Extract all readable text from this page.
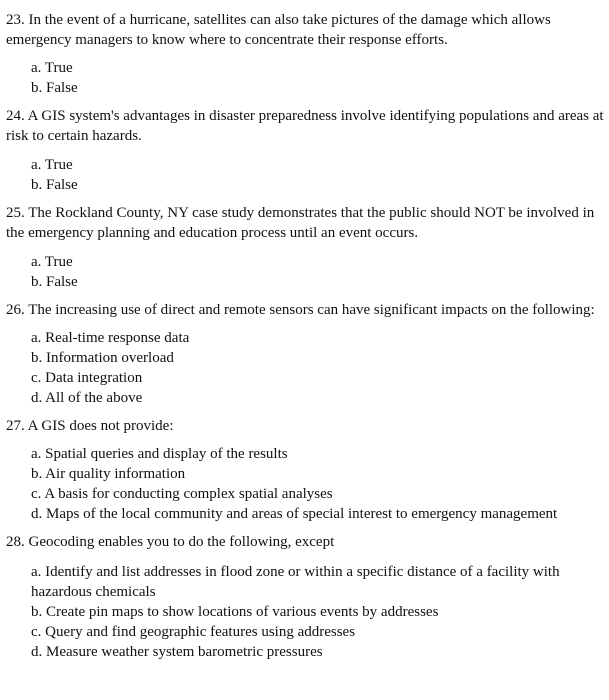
23. In the event of a hurricane, satellites can also take pictures of the damage which allows emergency managers to know where to concentrate their response efforts.

a. True
b. False

24. A GIS system's advantages in disaster preparedness involve identifying populations and areas at risk to certain hazards.

a. True
b. False

25. The Rockland County, NY case study demonstrates that the public should NOT be involved in the emergency planning and education process until an event occurs.

a. True
b. False

26. The increasing use of direct and remote sensors can have significant impacts on the following:

a. Real-time response data
b. Information overload
c. Data integration
d. All of the above

27. A GIS does not provide:

a. Spatial queries and display of the results
b. Air quality information
c. A basis for conducting complex spatial analyses
d. Maps of the local community and areas of special interest to emergency management

28. Geocoding enables you to do the following, except

a. Identify and list addresses in flood zone or within a specific distance of a facility with hazardous chemicals
b. Create pin maps to show locations of various events by addresses
c. Query and find geographic features using addresses
d. Measure weather system barometric pressures
